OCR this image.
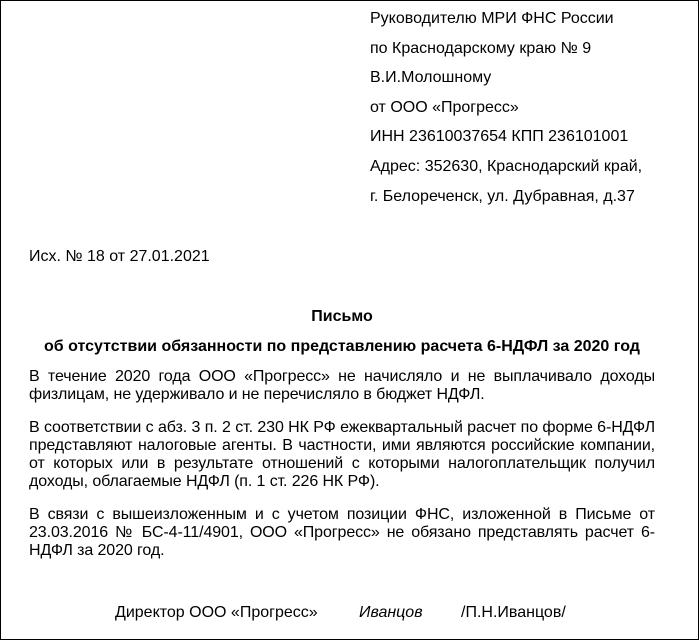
Руководителю МРИ ФНС России
по Краснодарскому краю № 9
В.И.Молошному
от ООО «Прогресс»
ИНН 23610037654 КПП 236101001
Адрес: 352630, Краснодарский край,
г. Белореченск, ул. Дубравная, д.37
Исх. № 18 от 27.01.2021
Письмо
об отсутствии обязанности по представлению расчета 6-НДФЛ за 2020 год
В течение 2020 года ООО «Прогресс» не начисляло и не выплачивало доходы физлицам, не удерживало и не перечисляло в бюджет НДФЛ.
В соответствии с абз. 3 п. 2 ст. 230 НК РФ ежеквартальный расчет по форме 6-НДФЛ представляют налоговые агенты. В частности, ими являются российские компании, от которых или в результате отношений с которыми налогоплательщик получил доходы, облагаемые НДФЛ (п. 1 ст. 226 НК РФ).
В связи с вышеизложенным и с учетом позиции ФНС, изложенной в Письме от 23.03.2016 № БС-4-11/4901, ООО «Прогресс» не обязано представлять расчет 6-НДФЛ за 2020 год.
Директор ООО «Прогресс»	Иванцов /П.Н.Иванцов/
